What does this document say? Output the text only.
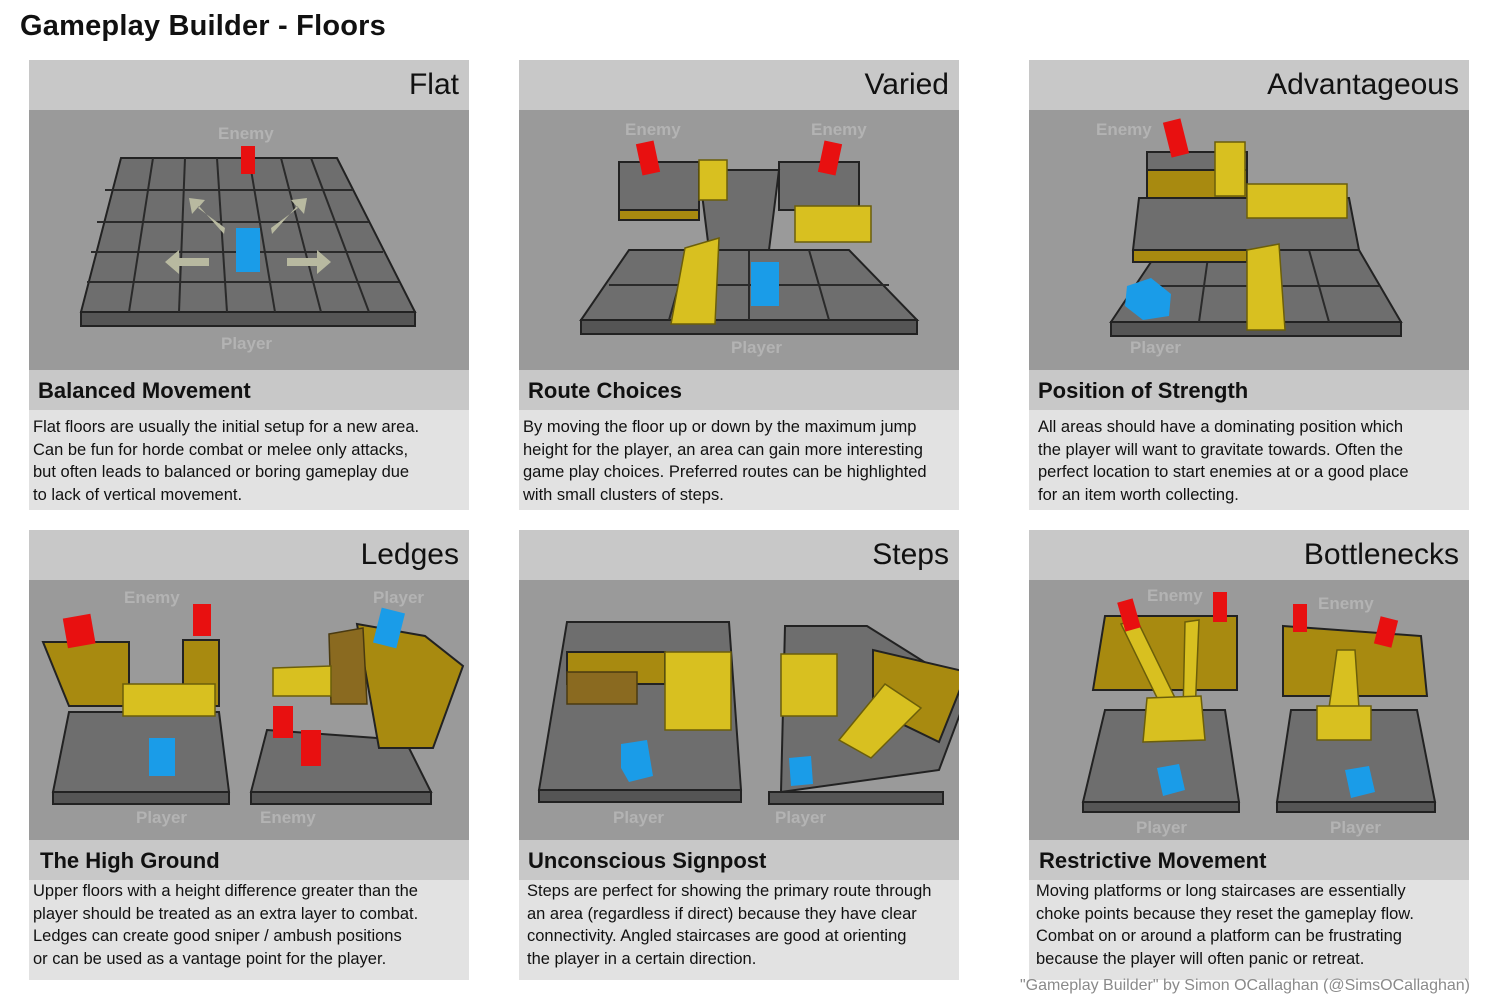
Gameplay Builder - Floors
Flat
Enemy
Player
Balanced Movement
Flat floors are usually the initial setup for a new area.
Can be fun for horde combat or melee only attacks,
but often leads to balanced or boring gameplay due
to lack of vertical movement.
Varied
Enemy	Enemy
Player
Route Choices
By moving the floor up or down by the maximum jump
height for the player, an area can gain more interesting
game play choices. Preferred routes can be highlighted
with small clusters of steps.
Advantageous
Enemy
Player
Position of Strength
All areas should have a dominating position which
the player will want to gravitate towards. Often the
perfect location to start enemies at or a good place
for an item worth collecting.
Ledges
Enemy	Player
Player	Enemy
The High Ground
Upper floors with a height difference greater than the
player should be treated as an extra layer to combat.
Ledges can create good sniper / ambush positions
or can be used as a vantage point for the player.
Steps
Player	Player
Unconscious Signpost
Steps are perfect for showing the primary route through
an area (regardless if direct) because they have clear
connectivity. Angled staircases are good at orienting
the player in a certain direction.
Bottlenecks
Enemy	Enemy
Player	Player
Restrictive Movement
Moving platforms or long staircases are essentially
choke points because they reset the gameplay flow.
Combat on or around a platform can be frustrating
because the player will often panic or retreat.
"Gameplay Builder" by Simon OCallaghan (@SimsOCallaghan)
